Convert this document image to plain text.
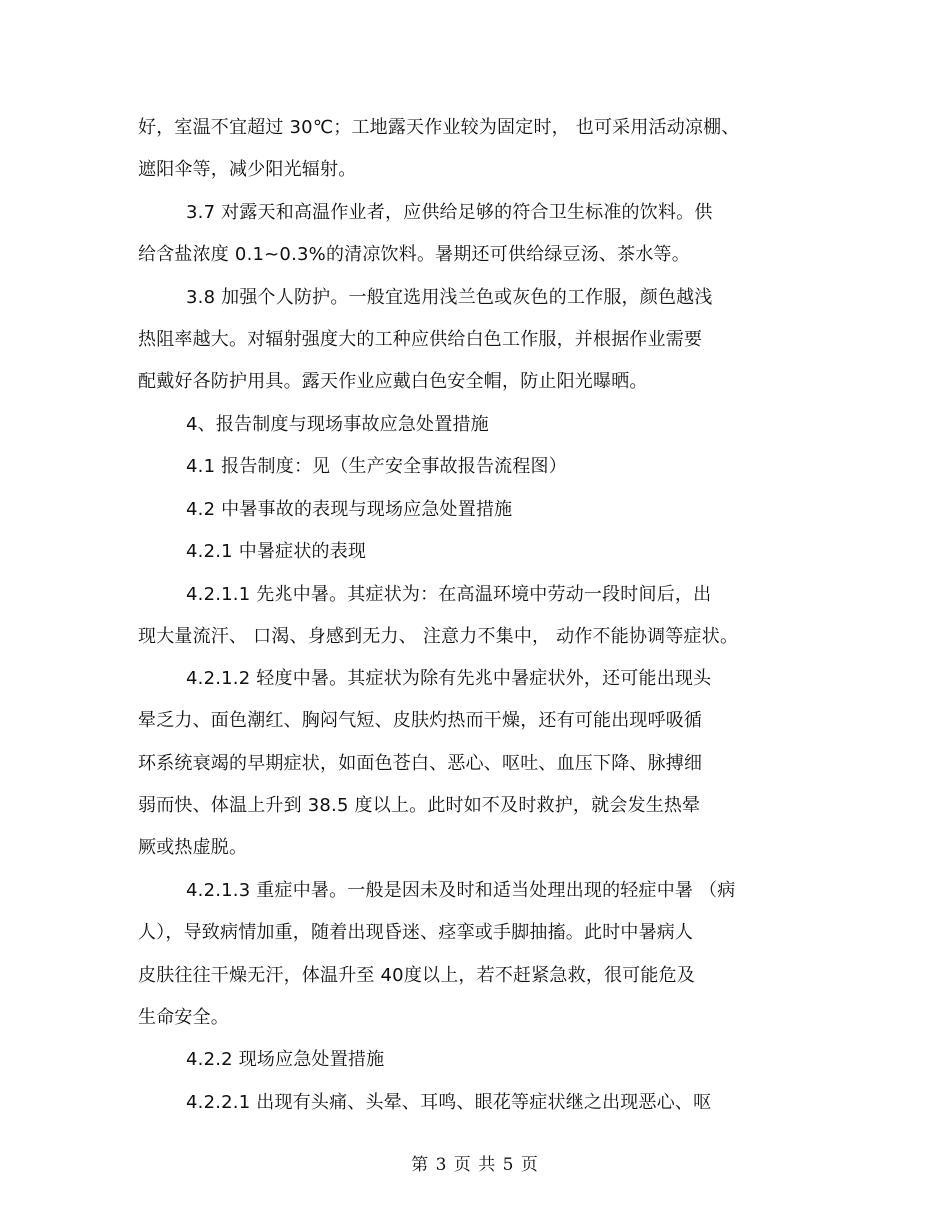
好，室温不宜超过 30℃；工地露天作业较为固定时， 也可采用活动凉棚、
遮阳伞等，减少阳光辐射。
3.7 对露天和高温作业者，应供给足够的符合卫生标准的饮料。供
给含盐浓度 0.1~0.3%的清凉饮料。暑期还可供给绿豆汤、茶水等。
3.8 加强个人防护。一般宜选用浅兰色或灰色的工作服，颜色越浅
热阻率越大。对辐射强度大的工种应供给白色工作服，并根据作业需要
配戴好各防护用具。露天作业应戴白色安全帽，防止阳光曝晒。
4、报告制度与现场事故应急处置措施
4.1 报告制度：见（生产安全事故报告流程图）
4.2 中暑事故的表现与现场应急处置措施
4.2.1 中暑症状的表现
4.2.1.1 先兆中暑。其症状为：在高温环境中劳动一段时间后，出
现大量流汗、 口渴、身感到无力、 注意力不集中， 动作不能协调等症状。
4.2.1.2 轻度中暑。其症状为除有先兆中暑症状外，还可能出现头
晕乏力、面色潮红、胸闷气短、皮肤灼热而干燥，还有可能出现呼吸循
环系统衰竭的早期症状，如面色苍白、恶心、呕吐、血压下降、脉搏细
弱而快、体温上升到 38.5 度以上。此时如不及时救护，就会发生热晕
厥或热虚脱。
4.2.1.3 重症中暑。一般是因未及时和适当处理出现的轻症中暑 （病
人），导致病情加重，随着出现昏迷、痉挛或手脚抽搐。此时中暑病人
皮肤往往干燥无汗，体温升至 40度以上，若不赶紧急救，很可能危及
生命安全。
4.2.2 现场应急处置措施
4.2.2.1 出现有头痛、头晕、耳鸣、眼花等症状继之出现恶心、呕
第 3 页 共 5 页
